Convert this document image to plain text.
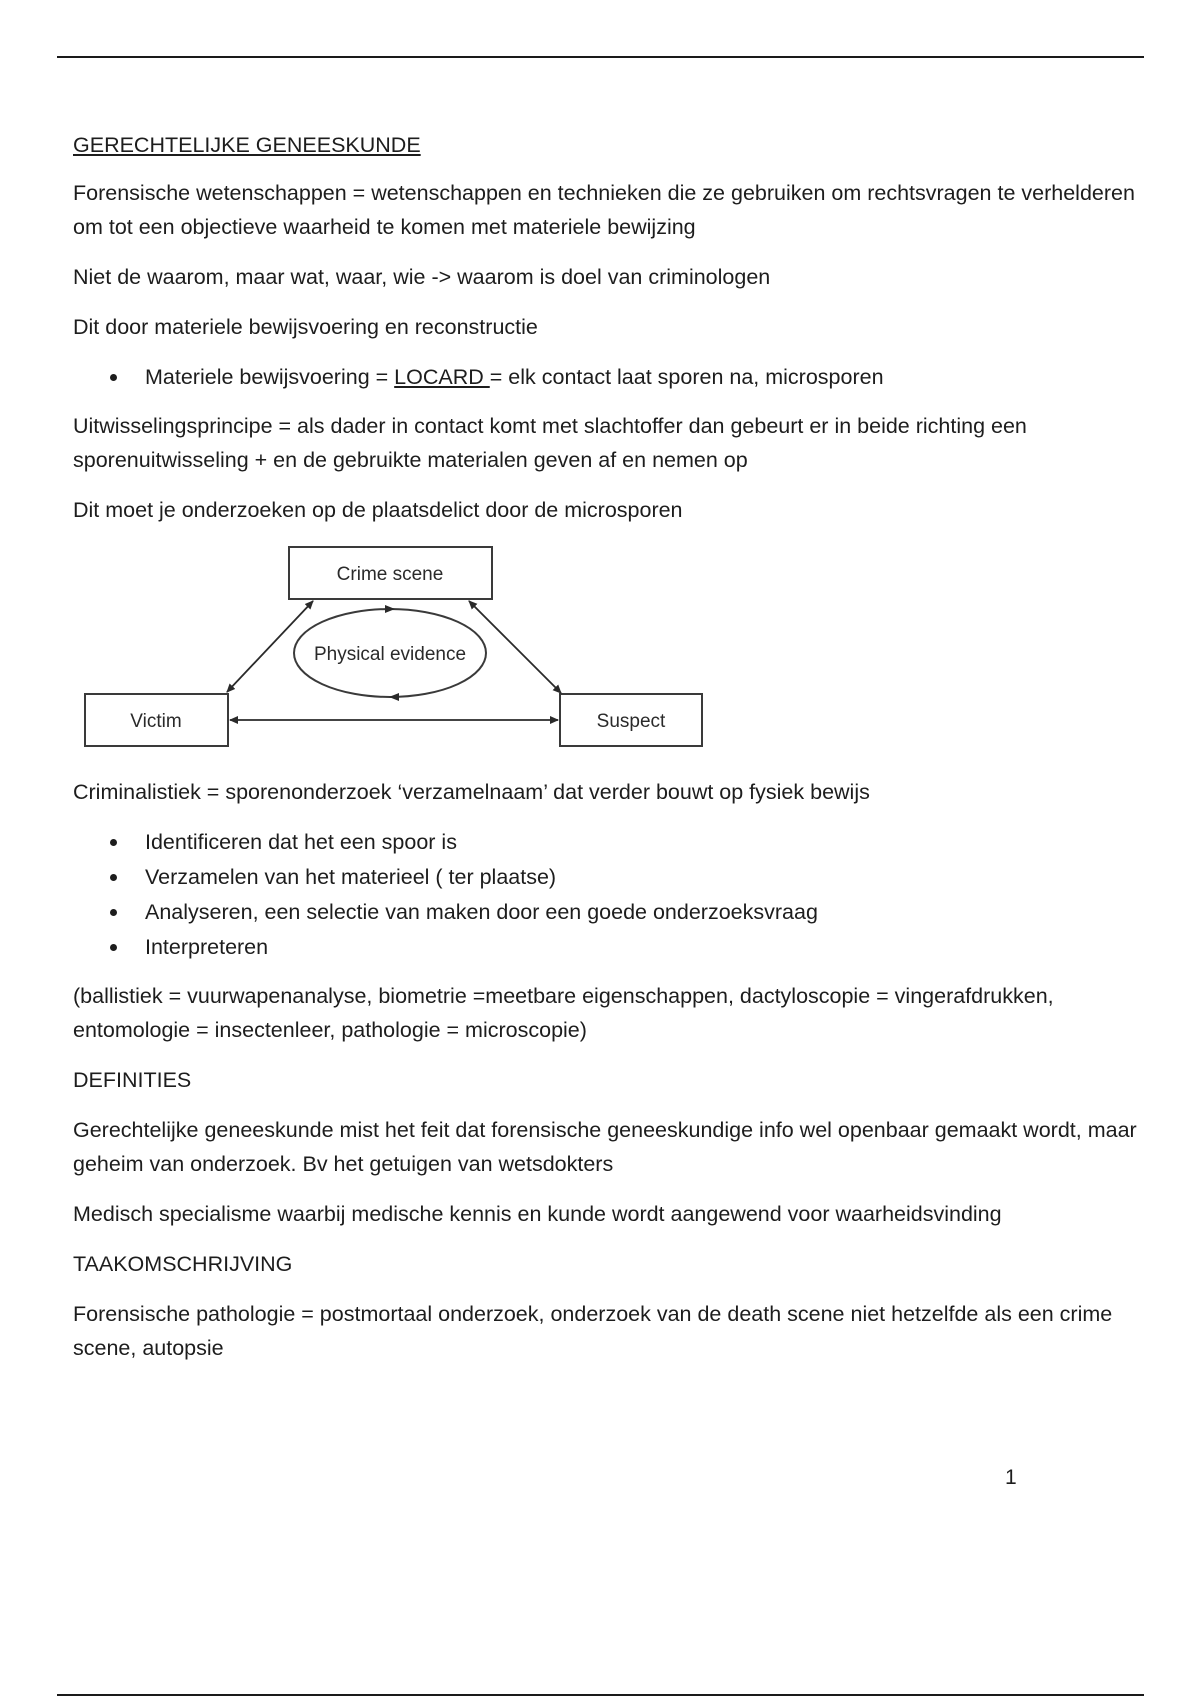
GERECHTELIJKE GENEESKUNDE

Forensische wetenschappen = wetenschappen en technieken die ze gebruiken om rechtsvragen te verhelderen om tot een objectieve waarheid te komen met materiele bewijzing

Niet de waarom, maar wat, waar, wie -> waarom is doel van criminologen

Dit door materiele bewijsvoering en reconstructie

Materiele bewijsvoering = LOCARD = elk contact laat sporen na, microsporen

Uitwisselingsprincipe = als dader in contact komt met slachtoffer dan gebeurt er in beide richting een sporenuitwisseling + en de gebruikte materialen geven af en nemen op

Dit moet je onderzoeken op de plaatsdelict door de microsporen

Crime scene
Victim	Suspect
Physical evidence

Criminalistiek = sporenonderzoek ‘verzamelnaam’ dat verder bouwt op fysiek bewijs

Identificeren dat het een spoor is
Verzamelen van het materieel ( ter plaatse)
Analyseren, een selectie van maken door een goede onderzoeksvraag
Interpreteren

(ballistiek = vuurwapenanalyse, biometrie =meetbare eigenschappen, dactyloscopie = vingerafdrukken, entomologie = insectenleer, pathologie = microscopie)

DEFINITIES

Gerechtelijke geneeskunde mist het feit dat forensische geneeskundige info wel openbaar gemaakt wordt, maar geheim van onderzoek. Bv het getuigen van wetsdokters

Medisch specialisme waarbij medische kennis en kunde wordt aangewend voor waarheidsvinding

TAAKOMSCHRIJVING

Forensische pathologie = postmortaal onderzoek, onderzoek van de death scene niet hetzelfde als een crime scene, autopsie

1
